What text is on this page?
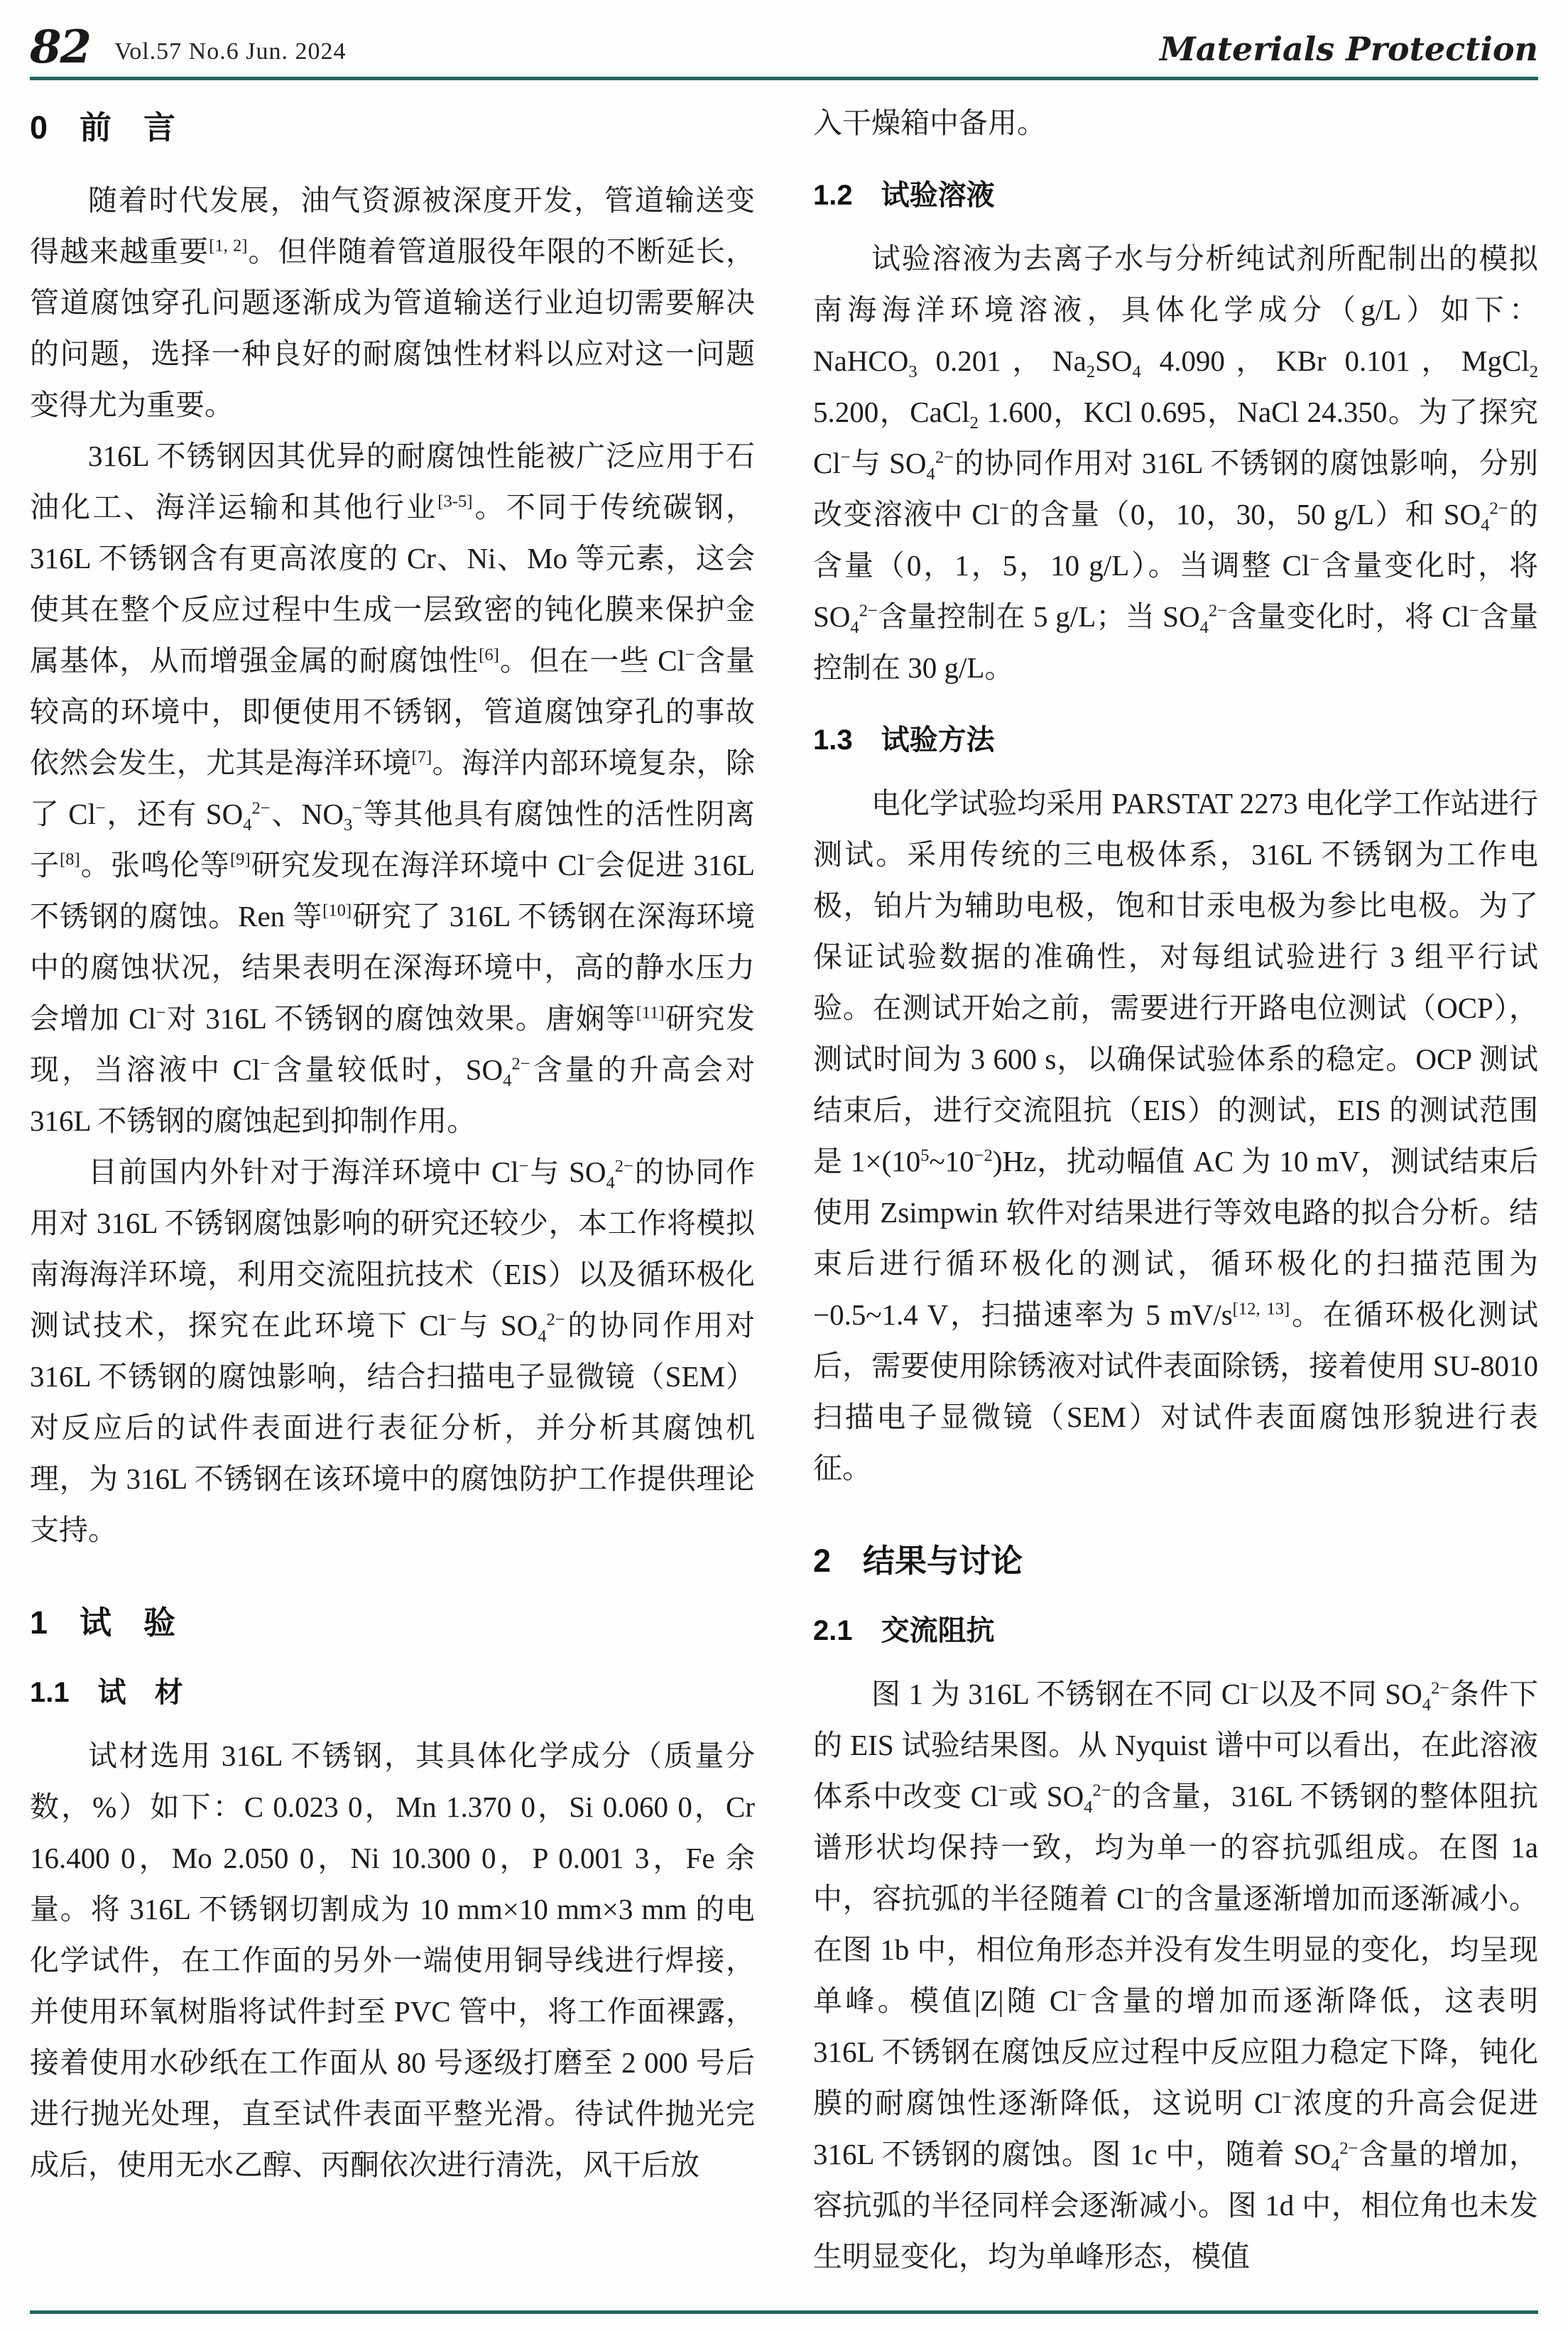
82 Vol.57 No.6 Jun. 2024	Materials Protection
0　前　言

随着时代发展，油气资源被深度开发，管道输送变得越来越重要[1, 2]。但伴随着管道服役年限的不断延长，管道腐蚀穿孔问题逐渐成为管道输送行业迫切需要解决的问题，选择一种良好的耐腐蚀性材料以应对这一问题变得尤为重要。

316L 不锈钢因其优异的耐腐蚀性能被广泛应用于石油化工、海洋运输和其他行业[3-5]。不同于传统碳钢，316L 不锈钢含有更高浓度的 Cr、Ni、Mo 等元素，这会使其在整个反应过程中生成一层致密的钝化膜来保护金属基体，从而增强金属的耐腐蚀性[6]。但在一些 Cl−含量较高的环境中，即便使用不锈钢，管道腐蚀穿孔的事故依然会发生，尤其是海洋环境[7]。海洋内部环境复杂，除了 Cl−，还有 $SO_4^{2-}$、$NO_3^-$等其他具有腐蚀性的活性阴离子[8]。张鸣伦等[9]研究发现在海洋环境中 Cl−会促进 316L 不锈钢的腐蚀。Ren 等[10]研究了 316L 不锈钢在深海环境中的腐蚀状况，结果表明在深海环境中，高的静水压力会增加 Cl−对 316L 不锈钢的腐蚀效果。唐娴等[11]研究发现，当溶液中 Cl−含量较低时，$SO_4^{2-}$含量的升高会对 316L 不锈钢的腐蚀起到抑制作用。

目前国内外针对于海洋环境中 Cl−与 $SO_4^{2-}$的协同作用对 316L 不锈钢腐蚀影响的研究还较少，本工作将模拟南海海洋环境，利用交流阻抗技术（EIS）以及循环极化测试技术，探究在此环境下 Cl−与 $SO_4^{2-}$的协同作用对 316L 不锈钢的腐蚀影响，结合扫描电子显微镜（SEM）对反应后的试件表面进行表征分析，并分析其腐蚀机理，为 316L 不锈钢在该环境中的腐蚀防护工作提供理论支持。

1　试　验
1.1　试　材

试材选用 316L 不锈钢，其具体化学成分（质量分数，%）如下：C 0.023 0，Mn 1.370 0，Si 0.060 0，Cr 16.400 0，Mo 2.050 0，Ni 10.300 0，P 0.001 3，Fe 余量。将 316L 不锈钢切割成为 10 mm×10 mm×3 mm 的电化学试件，在工作面的另外一端使用铜导线进行焊接，并使用环氧树脂将试件封至 PVC 管中，将工作面裸露，接着使用水砂纸在工作面从 80 号逐级打磨至 2 000 号后进行抛光处理，直至试件表面平整光滑。待试件抛光完成后，使用无水乙醇、丙酮依次进行清洗，风干后放

入干燥箱中备用。

1.2　试验溶液

试验溶液为去离子水与分析纯试剂所配制出的模拟南海海洋环境溶液，具体化学成分（g/L）如下：NaHCO$_3$ 0.201，$Na_2SO_4$ 4.090，KBr 0.101，MgCl$_2$ 5.200，CaCl$_2$ 1.600，KCl 0.695，NaCl 24.350。为了探究 Cl−与 $SO_4^{2-}$的协同作用对 316L 不锈钢的腐蚀影响，分别改变溶液中 Cl−的含量（0，10，30，50 g/L）和 $SO_4^{2-}$的含量（0，1，5，10 g/L）。当调整 Cl−含量变化时，将 $SO_4^{2-}$含量控制在 5 g/L；当 $SO_4^{2-}$含量变化时，将 Cl−含量控制在 30 g/L。

1.3　试验方法

电化学试验均采用 PARSTAT 2273 电化学工作站进行测试。采用传统的三电极体系，316L 不锈钢为工作电极，铂片为辅助电极，饱和甘汞电极为参比电极。为了保证试验数据的准确性，对每组试验进行 3 组平行试验。在测试开始之前，需要进行开路电位测试（OCP），测试时间为 3 600 s，以确保试验体系的稳定。OCP 测试结束后，进行交流阻抗（EIS）的测试，EIS 的测试范围是 $1\times(10^5\sim 10^{-2})Hz$，扰动幅值 AC 为 10 mV，测试结束后使用 Zsimpwin 软件对结果进行等效电路的拟合分析。结束后进行循环极化的测试，循环极化的扫描范围为−0.5~1.4 V，扫描速率为 5 mV/s[12, 13]。在循环极化测试后，需要使用除锈液对试件表面除锈，接着使用 SU-8010 扫描电子显微镜（SEM）对试件表面腐蚀形貌进行表征。

2　结果与讨论
2.1　交流阻抗

图 1 为 316L 不锈钢在不同 Cl−以及不同 $SO_4^{2-}$条件下的 EIS 试验结果图。从 Nyquist 谱中可以看出，在此溶液体系中改变 Cl−或 $SO_4^{2-}$的含量，316L 不锈钢的整体阻抗谱形状均保持一致，均为单一的容抗弧组成。在图 1a 中，容抗弧的半径随着 Cl−的含量逐渐增加而逐渐减小。在图 1b 中，相位角形态并没有发生明显的变化，均呈现单峰。模值|Z|随 Cl−含量的增加而逐渐降低，这表明 316L 不锈钢在腐蚀反应过程中反应阻力稳定下降，钝化膜的耐腐蚀性逐渐降低，这说明 Cl−浓度的升高会促进 316L 不锈钢的腐蚀。图 1c 中，随着 $SO_4^{2-}$含量的增加，容抗弧的半径同样会逐渐减小。图 1d 中，相位角也未发生明显变化，均为单峰形态，模值
